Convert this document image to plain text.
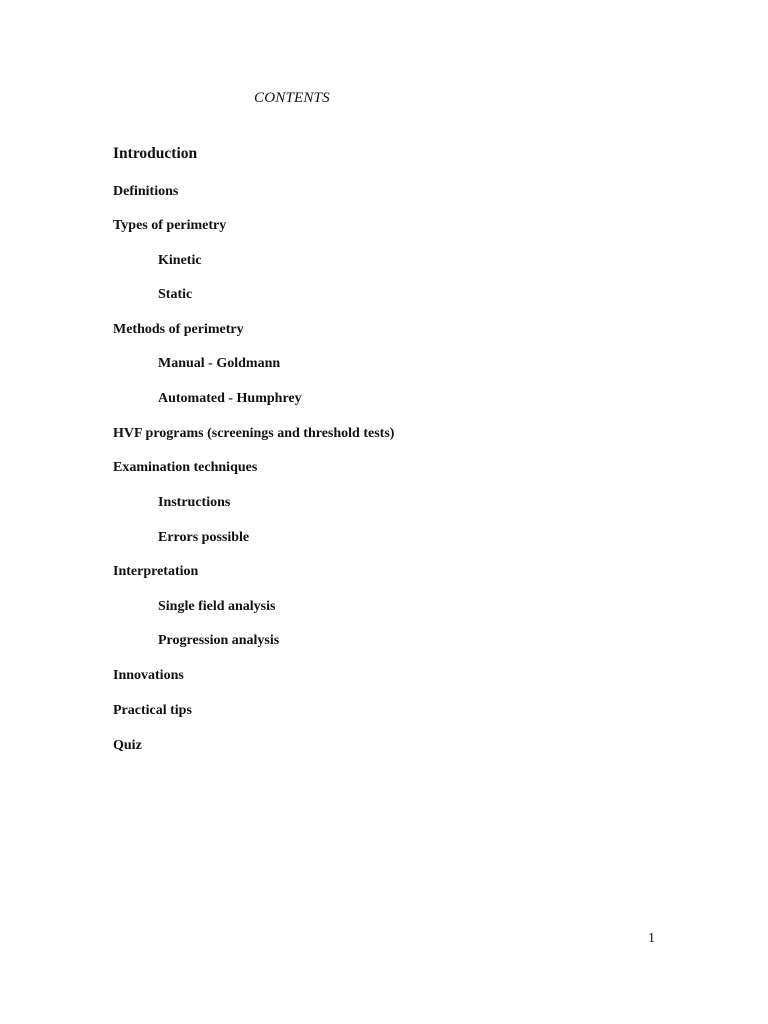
CONTENTS
Introduction
Definitions
Types of perimetry
Kinetic
Static
Methods of perimetry
Manual - Goldmann
Automated - Humphrey
HVF programs (screenings and threshold tests)
Examination techniques
Instructions
Errors possible
Interpretation
Single field analysis
Progression analysis
Innovations
Practical tips
Quiz
1
